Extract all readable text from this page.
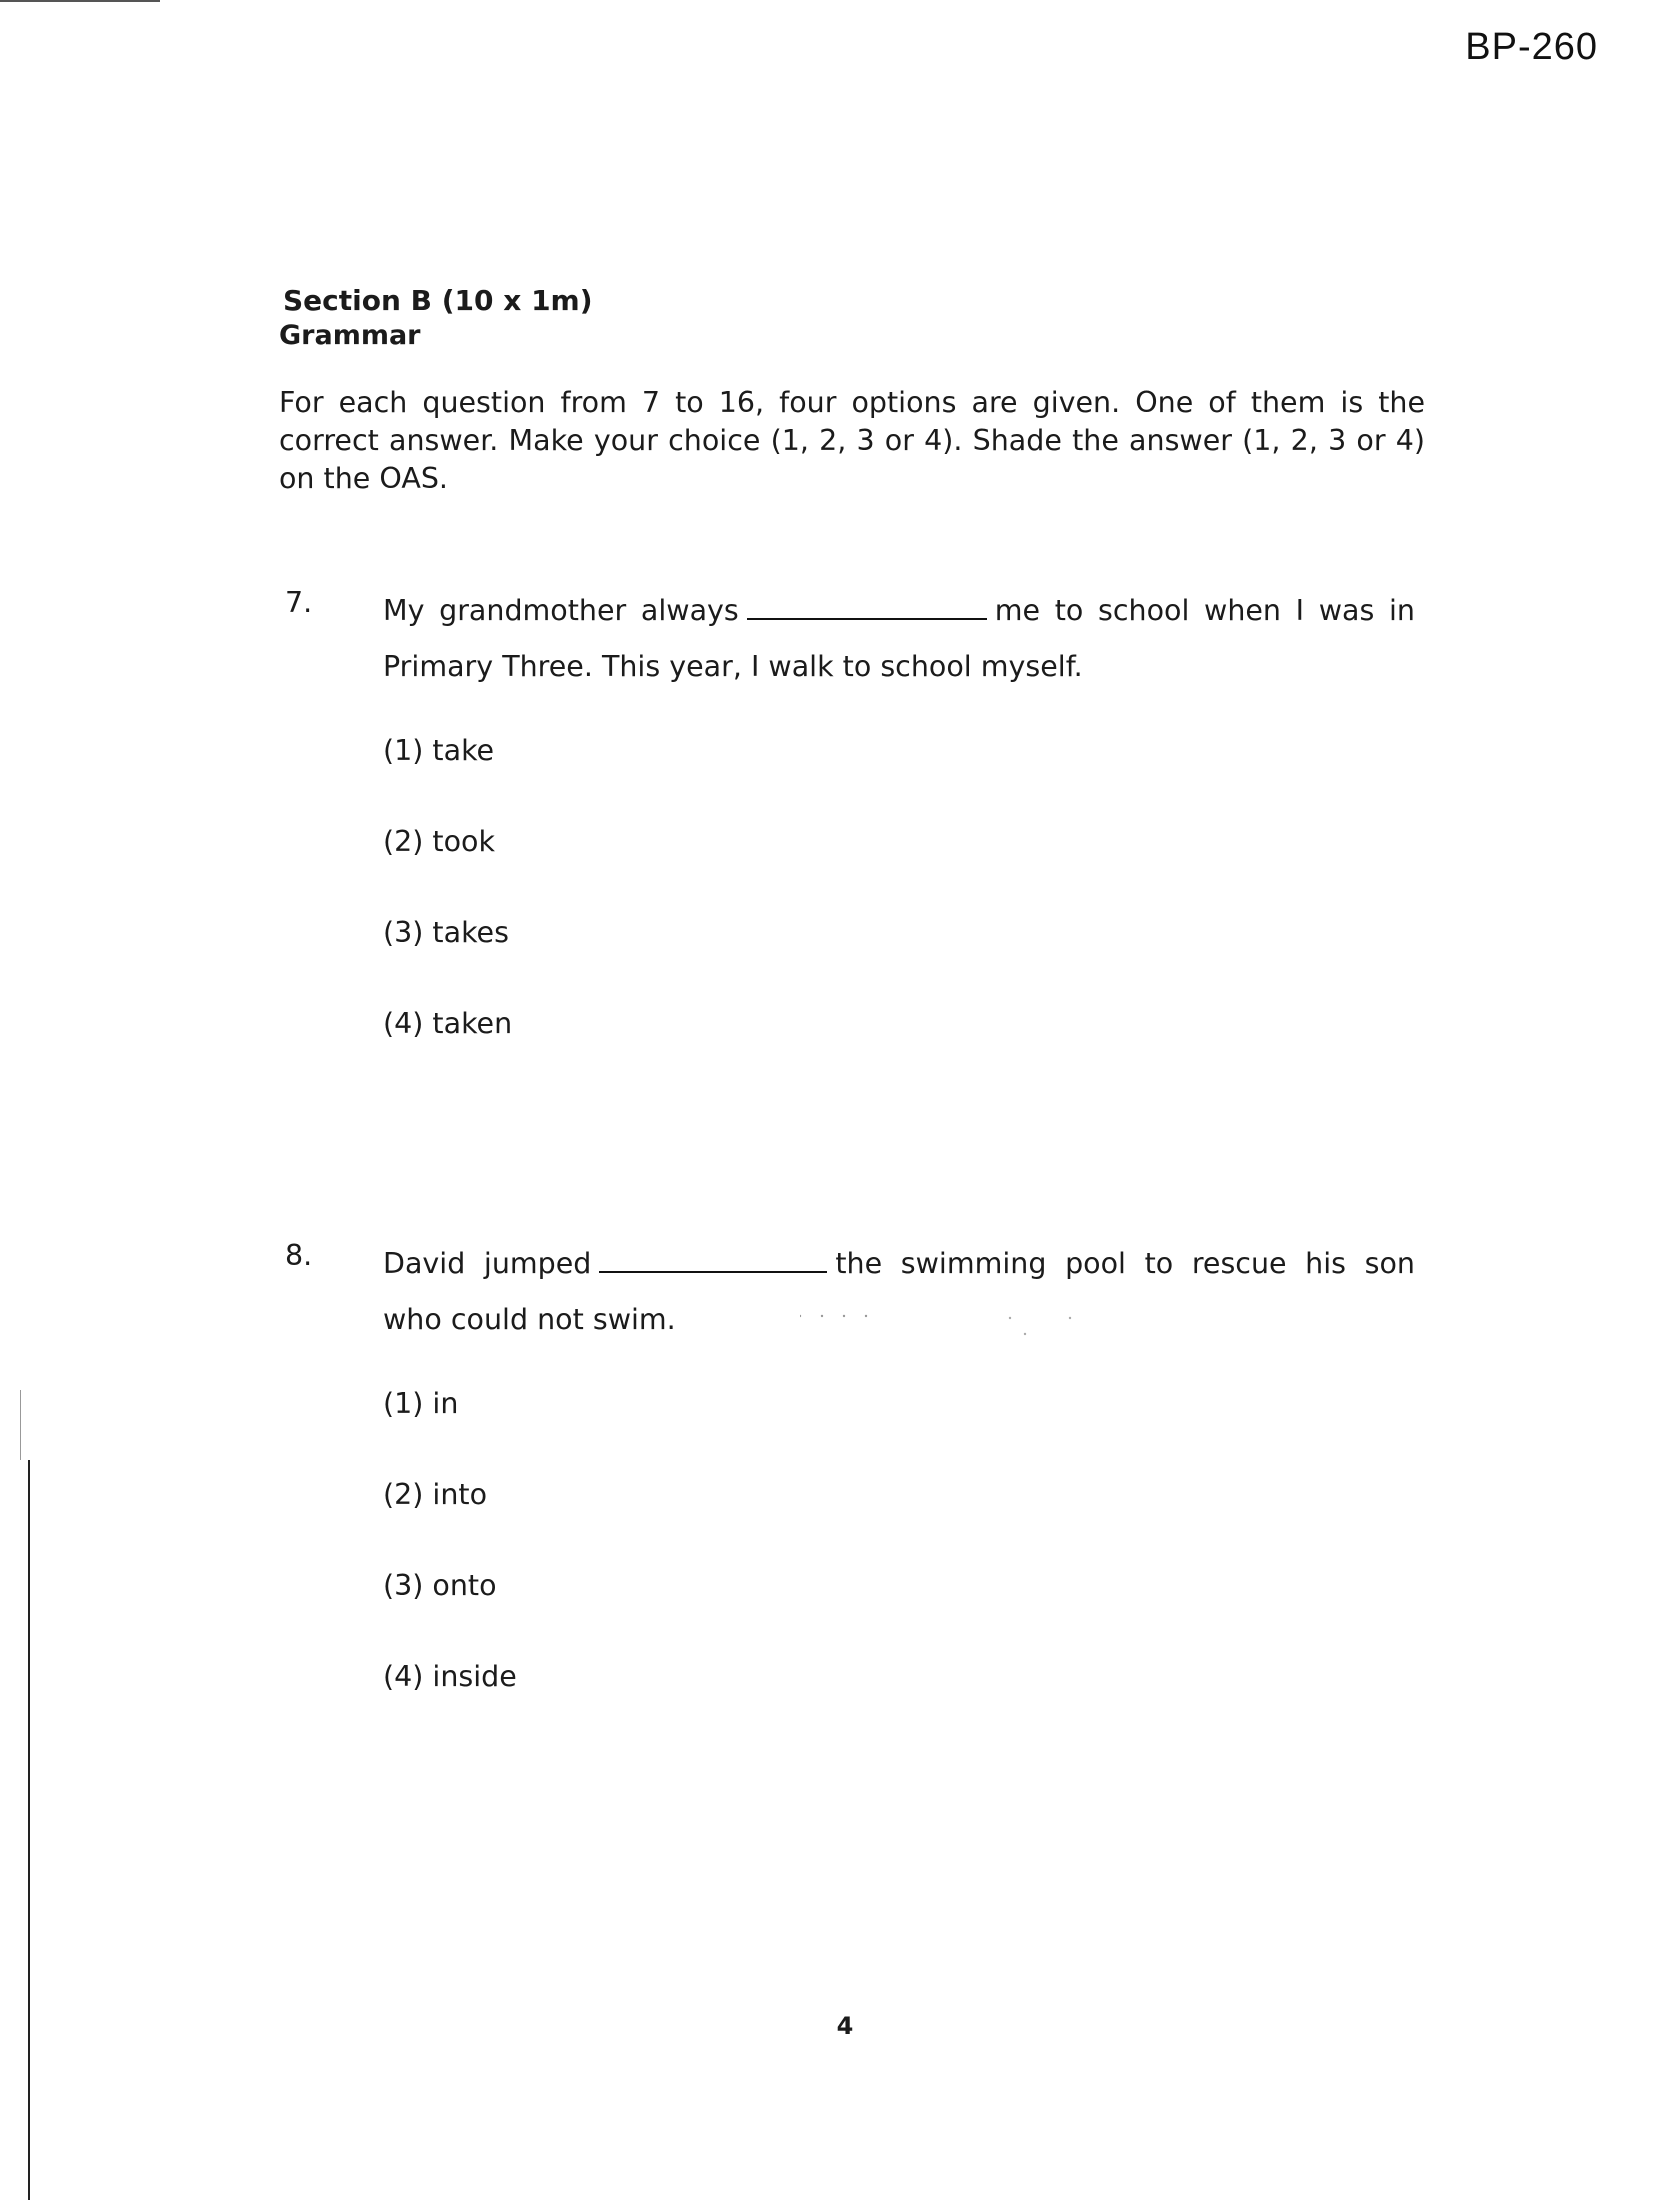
BP-260

Section B (10 x 1m)

Grammar

For each question from 7 to 16, four options are given. One of them is the correct answer. Make your choice (1, 2, 3 or 4). Shade the answer (1, 2, 3 or 4) on the OAS.

7. My grandmother always	me to school when I was in Primary Three. This year, I walk to school myself.

(1) take
(2) took
(3) takes
(4) taken
8. David jumped	the swimming pool to rescue his son who could not swim.

(1) in
(2) into
(3) onto
(4) inside
4
